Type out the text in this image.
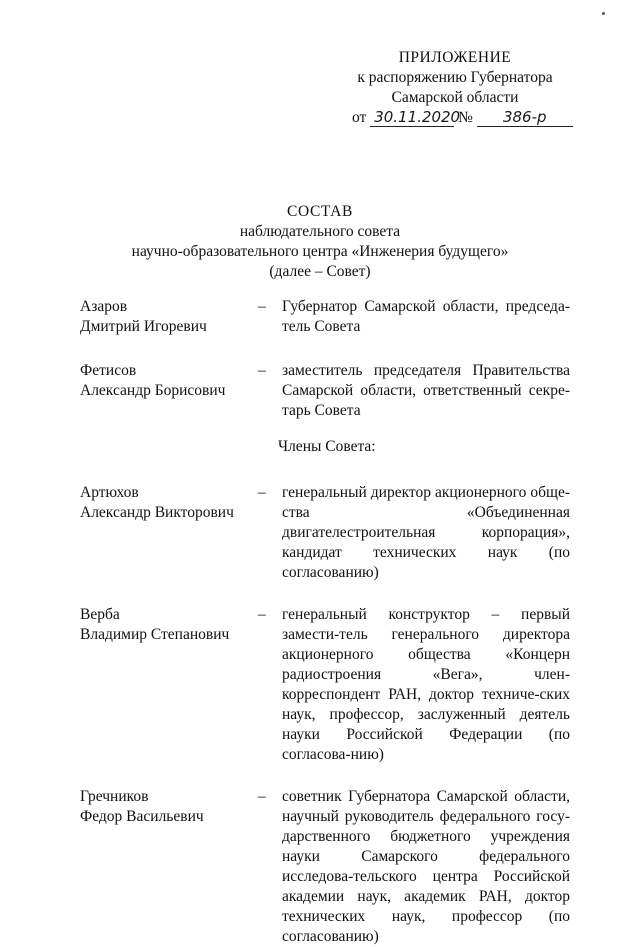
ПРИЛОЖЕНИЕ
к распоряжению Губернатора
Самарской области
от 30.11.2020 № 386-р
СОСТАВ
наблюдательного совета
научно-образовательного центра «Инженерия будущего»
(далее – Совет)
Азаров
Дмитрий Игоревич
–	Губернатор Самарской области, председа-тель Совета
Фетисов
Александр Борисович
–	заместитель председателя Правительства Самарской области, ответственный секре-тарь Совета
Члены Совета:
Артюхов
Александр Викторович
–	генеральный директор акционерного обще-ства «Объединенная двигателестроительная корпорация», кандидат технических наук (по согласованию)
Верба
Владимир Степанович
–	генеральный конструктор – первый замести-тель генерального директора акционерного общества «Концерн радиостроения «Вега», член-корреспондент РАН, доктор техниче-ских наук, профессор, заслуженный деятель науки Российской Федерации (по согласова-нию)
Гречников
Федор Васильевич
–	советник Губернатора Самарской области, научный руководитель федерального госу-дарственного бюджетного учреждения науки Самарского федерального исследова-тельского центра Российской академии наук, академик РАН, доктор технических наук, профессор (по согласованию)
